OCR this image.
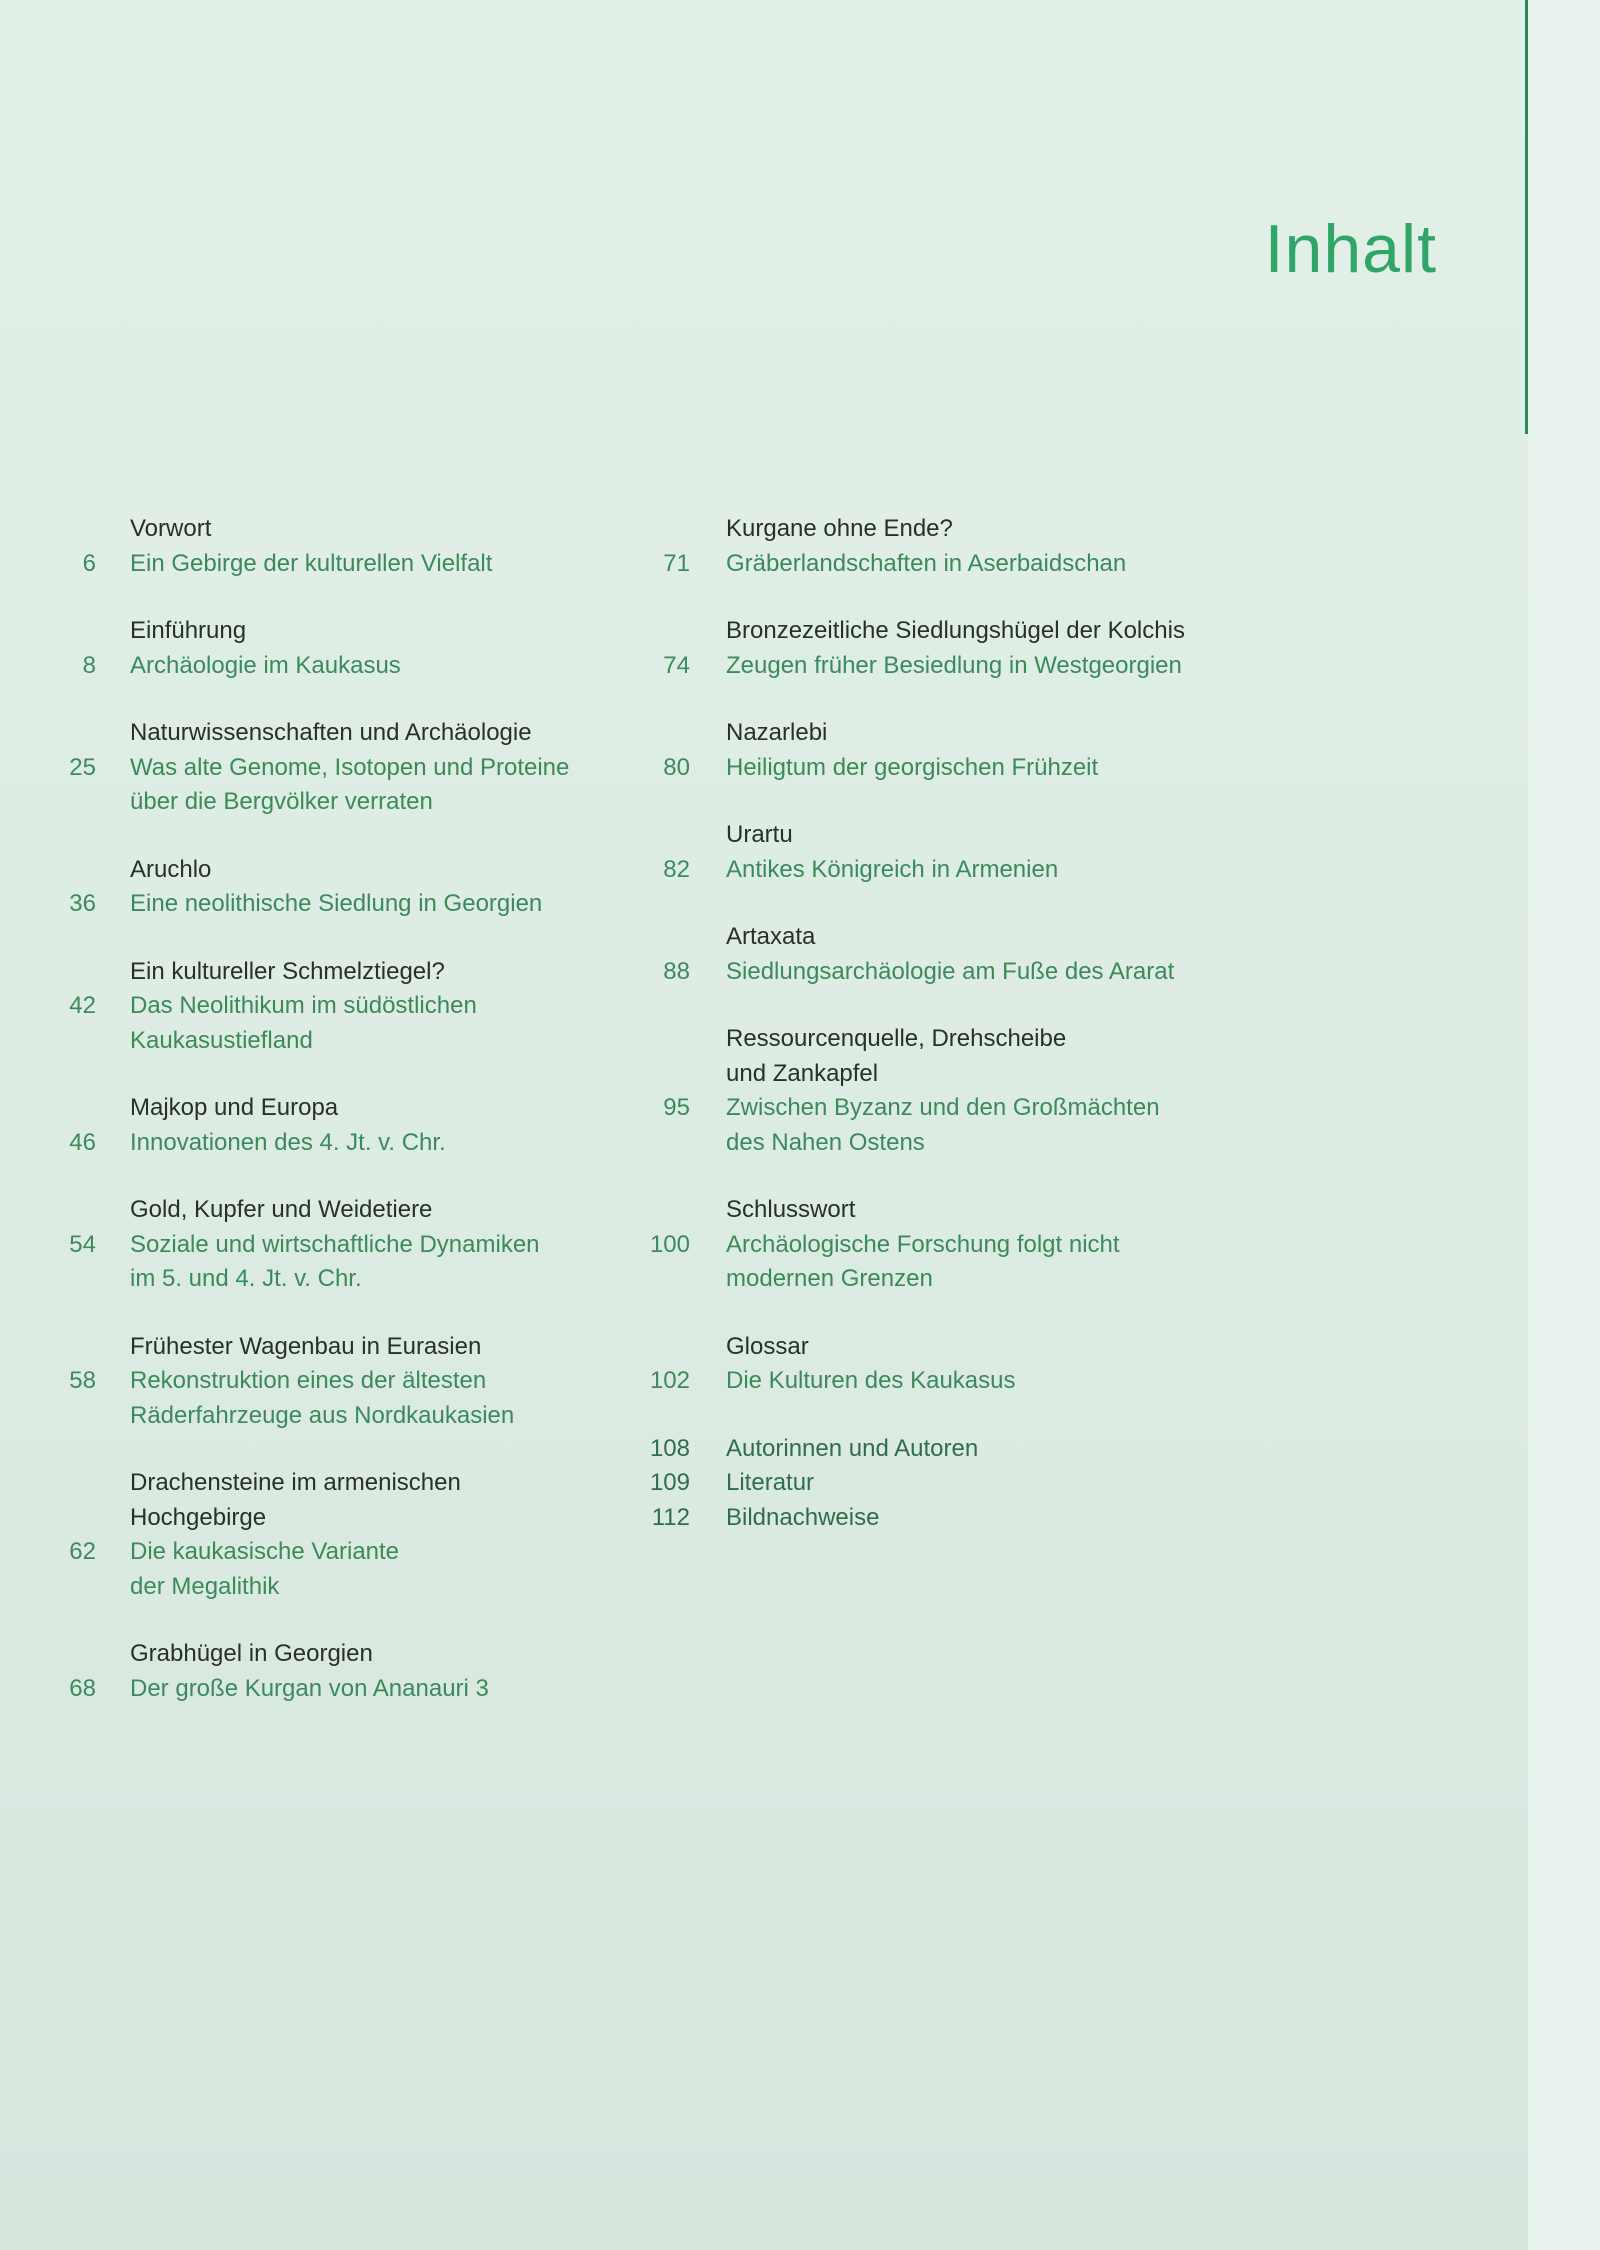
Inhalt
Vorwort
6	Ein Gebirge der kulturellen Vielfalt
Einführung
8	Archäologie im Kaukasus
Naturwissenschaften und Archäologie
25	Was alte Genome, Isotopen und Proteine
über die Bergvölker verraten
Aruchlo
36	Eine neolithische Siedlung in Georgien
Ein kultureller Schmelztiegel?
42	Das Neolithikum im südöstlichen
Kaukasustiefland
Majkop und Europa
46	Innovationen des 4. Jt. v. Chr.
Gold, Kupfer und Weidetiere
54	Soziale und wirtschaftliche Dynamiken
im 5. und 4. Jt. v. Chr.
Frühester Wagenbau in Eurasien
58	Rekonstruktion eines der ältesten
Räderfahrzeuge aus Nordkaukasien
Drachensteine im armenischen
Hochgebirge
62	Die kaukasische Variante
der Megalithik
Grabhügel in Georgien
68	Der große Kurgan von Ananauri 3
Kurgane ohne Ende?
71	Gräberlandschaften in Aserbaidschan
Bronzezeitliche Siedlungshügel der Kolchis
74	Zeugen früher Besiedlung in Westgeorgien
Nazarlebi
80	Heiligtum der georgischen Frühzeit
Urartu
82	Antikes Königreich in Armenien
Artaxata
88	Siedlungsarchäologie am Fuße des Ararat
Ressourcenquelle, Drehscheibe
und Zankapfel
95	Zwischen Byzanz und den Großmächten
des Nahen Ostens
Schlusswort
100	Archäologische Forschung folgt nicht
modernen Grenzen
Glossar
102	Die Kulturen des Kaukasus
108	Autorinnen und Autoren
109	Literatur
112	Bildnachweise
